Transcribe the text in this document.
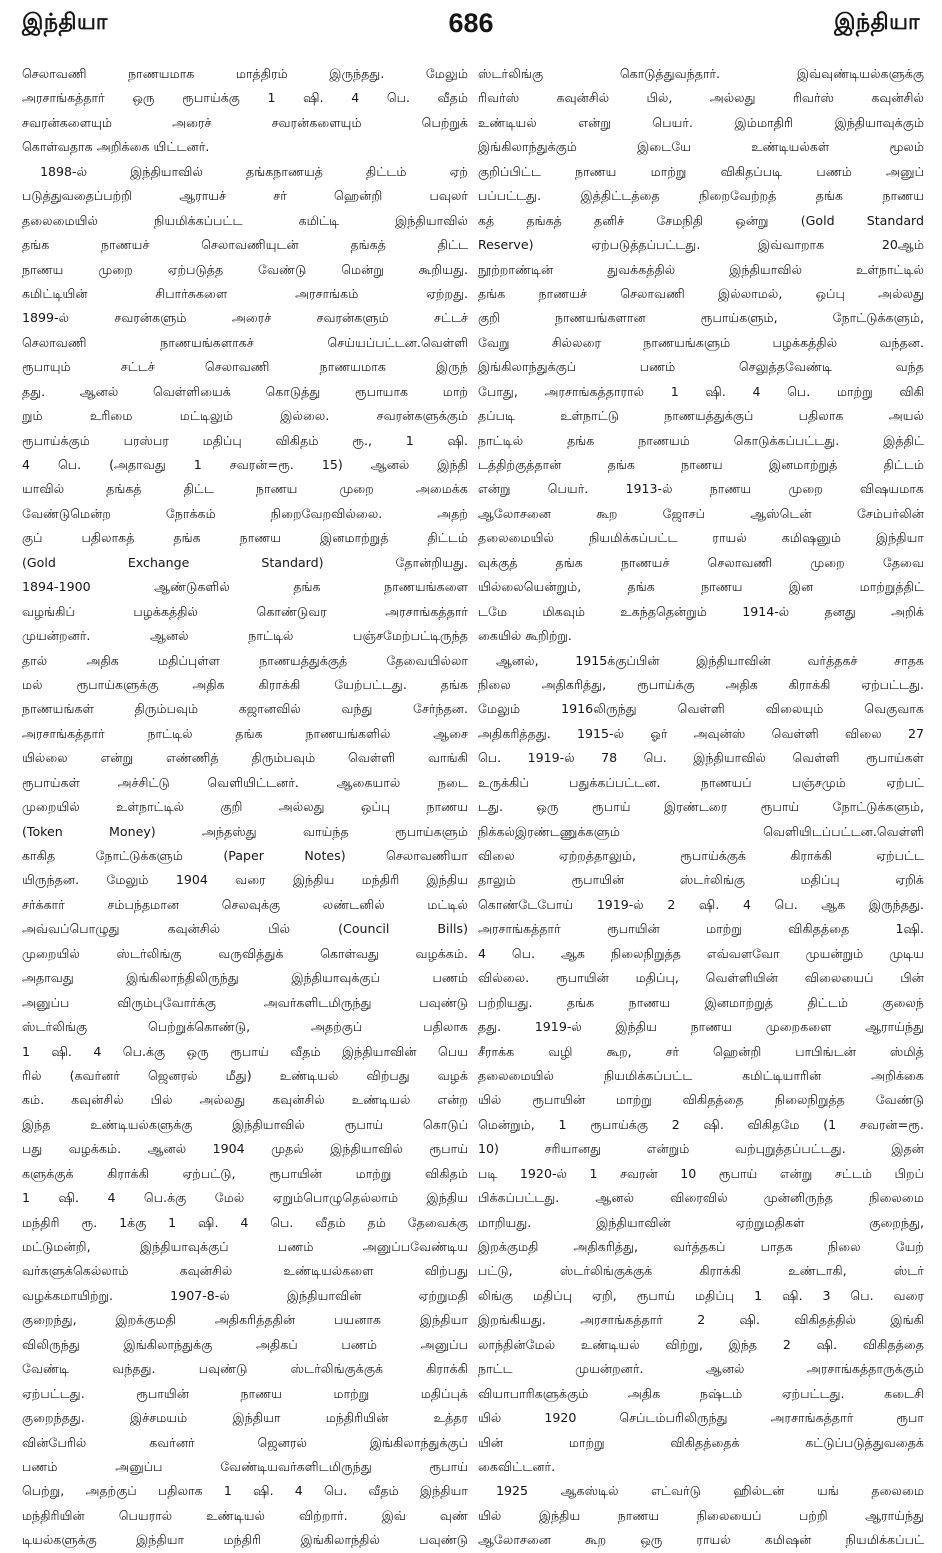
இந்தியா	686	இந்தியா
செலாவணி நாணயமாக மாத்திரம் இருந்தது. மேலும்
அரசாங்கத்தார் ஒரு ரூபாய்க்கு 1 ஷி. 4 பெ. வீதம்
சவரன்களையும் அரைச் சவரன்களையும் பெற்றுக்
கொள்வதாக அறிக்கை யிட்டனர்.
1898-ல் இந்தியாவில் தங்கநாணயத் திட்டம் ஏற்
படுத்துவதைப்பற்றி ஆராயச் சர் ஹென்றி பவுலர்
தலைமையில் நியமிக்கப்பட்ட கமிட்டி இந்தியாவில்
தங்க நாணயச் செலாவணியுடன் தங்கத் திட்ட
நாணய முறை ஏற்படுத்த வேண்டு மென்று கூறியது.
கமிட்டியின் சிபார்சுகளை அரசாங்கம் ஏற்றது.
1899-ல் சவரன்களும் அரைச் சவரன்களும் சட்டச்
செலாவணி நாணயங்களாகச் செய்யப்பட்டன.வெள்ளி
ரூபாயும் சட்டச் செலாவணி நாணயமாக இருந்
தது. ஆனல் வெள்ளியைக் கொடுத்து ரூபாயாக மாற்
றும் உரிமை மட்டிலும் இல்லை. சவரன்களுக்கும்
ரூபாய்க்கும் பரஸ்பர மதிப்பு விகிதம் ரூ., 1 ஷி.
4 பெ. (அதாவது 1 சவரன்=ரூ. 15) ஆனல் இந்தி
யாவில் தங்கத் திட்ட நாணய முறை அமைக்க
வேண்டுமென்ற நோக்கம் நிறைவேறவில்லை. அதற்
குப் பதிலாகத் தங்க நாணய இனமாற்றுத் திட்டம்
(Gold Exchange Standard) தோன்றியது.
1894-1900 ஆண்டுகளில் தங்க நாணயங்களை
வழங்கிப் பழக்கத்தில் கொண்டுவர அரசாங்கத்தார்
முயன்றனர். ஆனல் நாட்டில் பஞ்சமேற்பட்டிருந்த
தால் அதிக மதிப்புள்ள நாணயத்துக்குத் தேவையில்லா
மல் ரூபாய்களுக்கு அதிக கிராக்கி யேற்பட்டது. தங்க
நாணயங்கள் திரும்பவும் கஜானவில் வந்து சேர்ந்தன.
அரசாங்கத்தார் நாட்டில் தங்க நாணயங்களில் ஆசை
யில்லை என்று எண்ணித் திரும்பவும் வெள்ளி வாங்கி
ரூபாய்கள் அச்சிட்டு வெளியிட்டனர். ஆகையால் நடை
முறையில் உள்நாட்டில் குறி அல்லது ஒப்பு நாணய
(Token Money) அந்தஸ்து வாய்ந்த ரூபாய்களும்
காகித நோட்டுக்களும் (Paper Notes) செலாவணியா
யிருந்தன. மேலும் 1904 வரை இந்திய மந்திரி இந்திய
சர்க்கார் சம்பந்தமான செலவுக்கு லண்டனில் மட்டில்
அவ்வப்பொழுது கவுன்சில் பில் (Council Bills)
முறையில் ஸ்டர்லிங்கு வருவித்துக் கொள்வது வழக்கம்.
அதாவது இங்கிலாந்திலிருந்து இந்தியாவுக்குப் பணம்
அனுப்ப விரும்புவோர்க்கு அவர்களிடமிருந்து பவுண்டு
ஸ்டர்லிங்கு பெற்றுக்கொண்டு, அதற்குப் பதிலாக
1 ஷி. 4 பெ.க்கு ஒரு ரூபாய் வீதம் இந்தியாவின் பெய
ரில் (கவர்னர் ஜெனரல் மீது) உண்டியல் விற்பது வழக்
கம். கவுன்சில் பில் அல்லது கவுன்சில் உண்டியல் என்ற
இந்த உண்டியல்களுக்கு இந்தியாவில் ரூபாய் கொடுப்
பது வழக்கம். ஆனல் 1904 முதல் இந்தியாவில் ரூபாய்
களுக்குக் கிராக்கி ஏற்பட்டு, ரூபாயின் மாற்று விகிதம்
1 ஷி. 4 பெ.க்கு மேல் ஏறும்பொழுதெல்லாம் இந்திய
மந்திரி ரூ. 1க்கு 1 ஷி. 4 பெ. வீதம் தம் தேவைக்கு
மட்டுமன்றி, இந்தியாவுக்குப் பணம் அனுப்பவேண்டிய
வர்களுக்கெல்லாம் கவுன்சில் உண்டியல்களை விற்பது
வழக்கமாயிற்று. 1907-8-ல் இந்தியாவின் ஏற்றுமதி
குறைந்து, இறக்குமதி அதிகரித்ததின் பயனாக இந்தியா
விலிருந்து இங்கிலாந்துக்கு அதிகப் பணம் அனுப்ப
வேண்டி வந்தது. பவுண்டு ஸ்டர்லிங்குக்குக் கிராக்கி
ஏற்பட்டது. ரூபாயின் நாணய மாற்று மதிப்புக்
குறைந்தது. இச்சமயம் இந்தியா மந்திரியின் உத்தர
வின்பேரில் கவர்னர் ஜெனரல் இங்கிலாந்துக்குப்
பணம் அனுப்ப வேண்டியவர்களிடமிருந்து ரூபாய்
பெற்று, அதற்குப் பதிலாக 1 ஷி. 4 பெ. வீதம் இந்தியா
மந்திரியின் பெயரால் உண்டியல் விற்றார். இவ் வுண்
டியல்களுக்கு இந்தியா மந்திரி இங்கிலாந்தில் பவுண்டு
ஸ்டர்லிங்கு கொடுத்துவந்தார். இவ்வுண்டியல்களுக்கு
ரிவர்ஸ் கவுன்சில் பில், அல்லது ரிவர்ஸ் கவுன்சில்
உண்டியல் என்று பெயர். இம்மாதிரி இந்தியாவுக்கும்
இங்கிலாந்துக்கும் இடையே உண்டியல்கள் மூலம்
குறிப்பிட்ட நாணய மாற்று விகிதப்படி பணம் அனுப்
பப்பட்டது. இத்திட்டத்தை நிறைவேற்றத் தங்க நாணய
கத் தங்கத் தனிச் சேமநிதி ஒன்று (Gold Standard
Reserve) ஏற்படுத்தப்பட்டது. இவ்வாறாக 20ஆம்
நூற்றாண்டின் துவக்கத்தில் இந்தியாவில் உள்நாட்டில்
தங்க நாணயச் செலாவணி இல்லாமல், ஒப்பு அல்லது
குறி நாணயங்களான ரூபாய்களும், நோட்டுக்களும்,
வேறு சில்லரை நாணயங்களும் பழக்கத்தில் வந்தன.
இங்கிலாந்துக்குப் பணம் செலுத்தவேண்டி வந்த
போது, அரசாங்கத்தாரால் 1 ஷி. 4 பெ. மாற்று விகி
தப்படி உள்நாட்டு நாணயத்துக்குப் பதிலாக அயல்
நாட்டில் தங்க நாணயம் கொடுக்கப்பட்டது. இத்திட்
டத்திற்குத்தான் தங்க நாணய இனமாற்றுத் திட்டம்
என்று பெயர். 1913-ல் நாணய முறை விஷயமாக
ஆலோசனை கூற ஜோசப் ஆஸ்டென் சேம்பர்லின்
தலைமையில் நியமிக்கப்பட்ட ராயல் கமிஷனும் இந்தியா
வுக்குத் தங்க நாணயச் செலாவணி முறை தேவை
யில்லையென்றும், தங்க நாணய இன மாற்றுத்திட்
டமே மிகவும் உகந்ததென்றும் 1914-ல் தனது அறிக்
கையில் கூறிற்று.
ஆனல், 1915க்குப்பின் இந்தியாவின் வர்த்தகச் சாதக
நிலை அதிகரித்து, ரூபாய்க்கு அதிக கிராக்கி ஏற்பட்டது.
மேலும் 1916லிருந்து வெள்ளி விலையும் வெகுவாக
அதிகரித்தது. 1915-ல் ஓர் அவுன்ஸ் வெள்ளி விலை 27
பெ. 1919-ல் 78 பெ. இந்தியாவில் வெள்ளி ரூபாய்கள்
உருக்கிப் பதுக்கப்பட்டன. நாணயப் பஞ்சமும் ஏற்பட்
டது. ஒரு ரூபாய் இரண்டரை ரூபாய் நோட்டுக்களும்,
நிக்கல்இரண்டணுக்களும் வெளியிடப்பட்டன.வெள்ளி
விலை ஏற்றத்தாலும், ரூபாய்க்குக் கிராக்கி ஏற்பட்ட
தாலும் ரூபாயின் ஸ்டர்லிங்கு மதிப்பு ஏறிக்
கொண்டேபோய் 1919-ல் 2 ஷி. 4 பெ. ஆக இருந்தது.
அரசாங்கத்தார் ரூபாயின் மாற்று விகிதத்தை 1ஷி.
4 பெ. ஆக நிலைநிறுத்த எவ்வளவோ முயன்றும் முடிய
வில்லை. ரூபாயின் மதிப்பு, வெள்ளியின் விலையைப் பின்
பற்றியது. தங்க நாணய இனமாற்றுத் திட்டம் குலைந்
தது. 1919-ல் இந்திய நாணய முறைகளை ஆராய்ந்து
சீராக்க வழி கூற, சர் ஹென்றி பாபிங்டன் ஸ்மித்
தலைமையில் நியமிக்கப்பட்ட கமிட்டியாரின் அறிக்கை
யில் ரூபாயின் மாற்று விகிதத்தை நிலைநிறுத்த வேண்டு
மென்றும், 1 ரூபாய்க்கு 2 ஷி. விகிதமே (1 சவரன்=ரூ.
10) சரியானது என்றும் வற்புறுத்தப்பட்டது. இதன்
படி 1920-ல் 1 சவரன் 10 ரூபாய் என்று சட்டம் பிறப்
பிக்கப்பட்டது. ஆனல் விரைவில் முன்னிருந்த நிலைமை
மாறியது. இந்தியாவின் ஏற்றுமதிகள் குறைந்து,
இறக்குமதி அதிகரித்து, வர்த்தகப் பாதக நிலை யேற்
பட்டு, ஸ்டர்லிங்குக்குக் கிராக்கி உண்டாகி, ஸ்டர்
லிங்கு மதிப்பு ஏறி, ரூபாய் மதிப்பு 1 ஷி. 3 பெ. வரை
இறங்கியது. அரசாங்கத்தார் 2 ஷி. விகிதத்தில் இங்கி
லாந்தின்மேல் உண்டியல் விற்று, இந்த 2 ஷி. விகிதத்தை
நாட்ட முயன்றனர். ஆனல் அரசாங்கத்தாருக்கும்
வியாபாரிகளுக்கும் அதிக நஷ்டம் ஏற்பட்டது. கடைசி
யில் 1920 செப்டம்பரிலிருந்து அரசாங்கத்தார் ரூபா
யின் மாற்று விகிதத்தைக் கட்டுப்படுத்துவதைக்
கைவிட்டனர்.
1925 ஆகஸ்டில் எட்வர்டு ஹில்டன் யங் தலைமை
யில் இந்திய நாணய நிலையைப் பற்றி ஆராய்ந்து
ஆலோசனை கூற ஒரு ராயல் கமிஷன் நியமிக்கப்பட்
